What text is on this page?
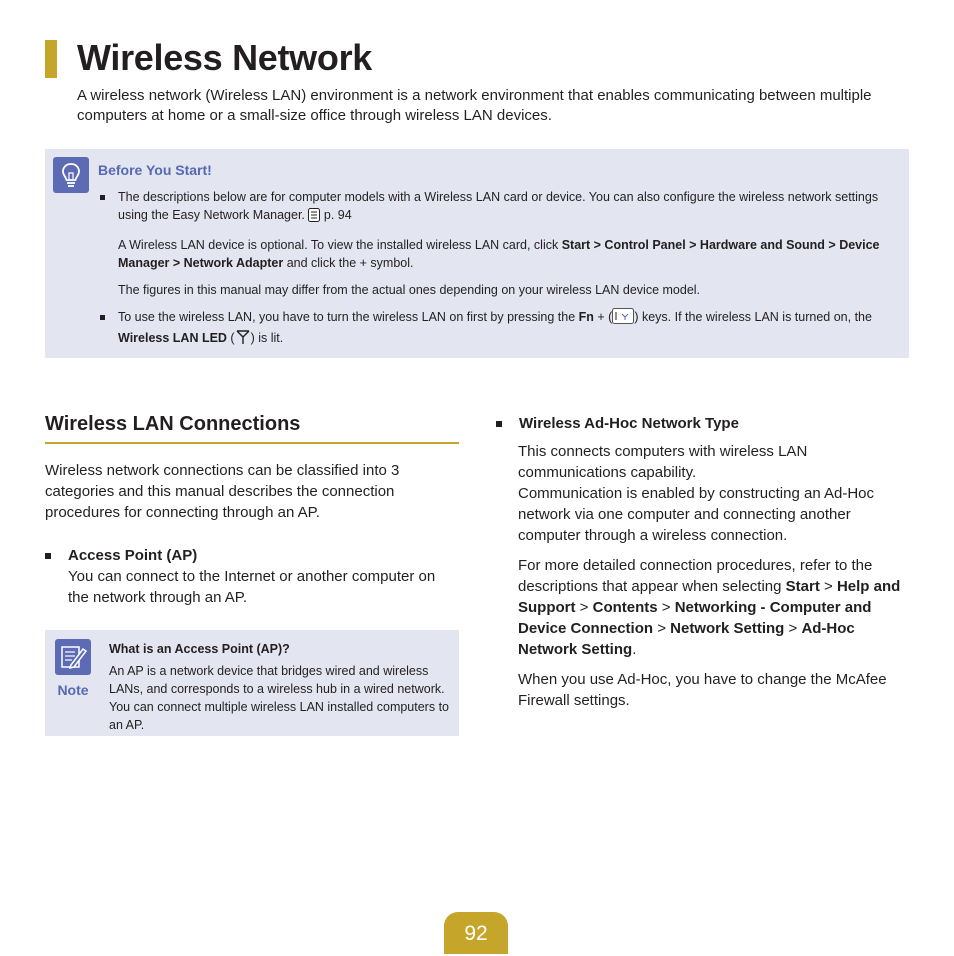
Wireless Network

A wireless network (Wireless LAN) environment is a network environment that enables communicating between multiple computers at home or a small-size office through wireless LAN devices.

Before You Start!

The descriptions below are for computer models with a Wireless LAN card or device. You can also configure the wireless network settings using the Easy Network Manager. p. 94

A Wireless LAN device is optional. To view the installed wireless LAN card, click Start > Control Panel > Hardware and Sound > Device Manager > Network Adapter and click the + symbol.

The figures in this manual may differ from the actual ones depending on your wireless LAN device model.

To use the wireless LAN, you have to turn the wireless LAN on first by pressing the Fn + ( ) keys. If the wireless LAN is turned on, the Wireless LAN LED ( ) is lit.

Wireless LAN Connections

Wireless network connections can be classified into 3 categories and this manual describes the connection procedures for connecting through an AP.

Access Point (AP)
You can connect to the Internet or another computer on the network through an AP.
Note
What is an Access Point (AP)?
An AP is a network device that bridges wired and wireless LANs, and corresponds to a wireless hub in a wired network. You can connect multiple wireless LAN installed computers to an AP.
Wireless Ad-Hoc Network Type

This connects computers with wireless LAN communications capability.

Communication is enabled by constructing an Ad-Hoc network via one computer and connecting another computer through a wireless connection.

For more detailed connection procedures, refer to the descriptions that appear when selecting Start > Help and Support > Contents > Networking - Computer and Device Connection > Network Setting > Ad-Hoc Network Setting.

When you use Ad-Hoc, you have to change the McAfee Firewall settings.

92
